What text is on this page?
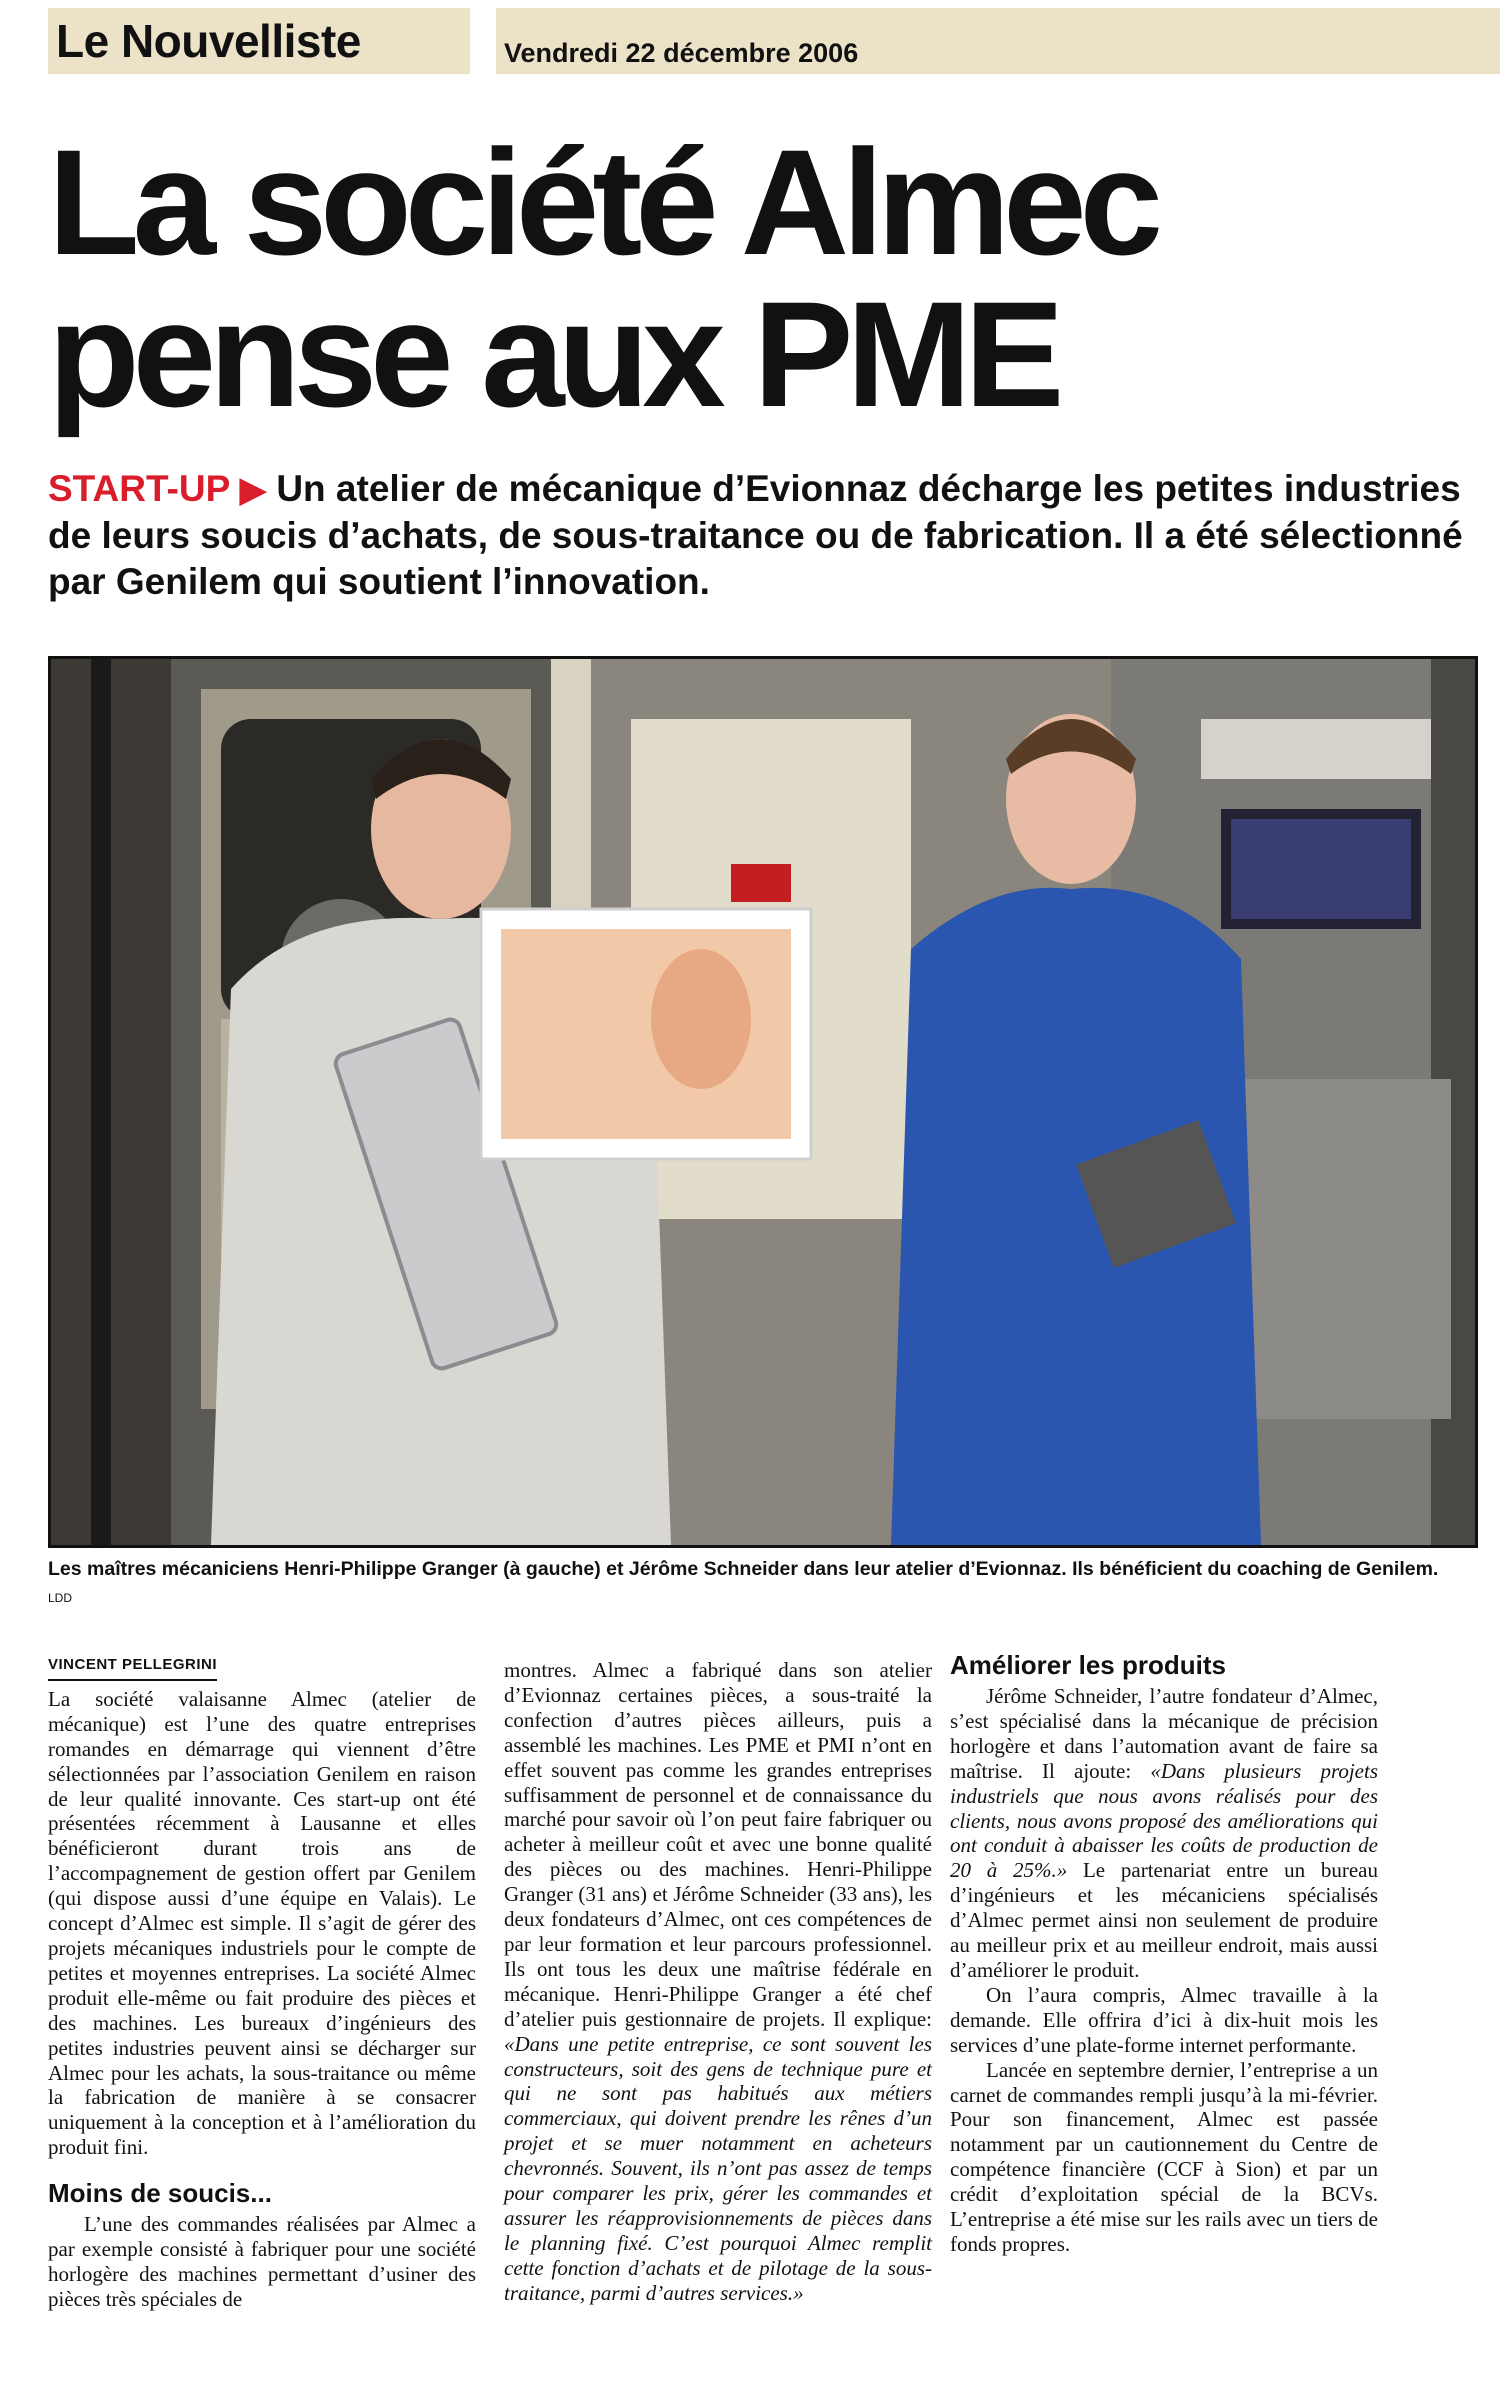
Le Nouvelliste	Vendredi 22 décembre 2006
La société Almec
pense aux PME
START-UP ▶ Un atelier de mécanique d’Evionnaz décharge les petites industries de leurs soucis d’achats, de sous-traitance ou de fabrication. Il a été sélectionné par Genilem qui soutient l’innovation.
Les maîtres mécaniciens Henri-Philippe Granger (à gauche) et Jérôme Schneider dans leur atelier d’Evionnaz. Ils bénéficient du coaching de Genilem. LDD
VINCENT PELLEGRINI

La société valaisanne Almec (atelier de mécanique) est l’une des quatre entreprises romandes en démarrage qui viennent d’être sélectionnées par l’association Genilem en raison de leur qualité innovante. Ces start-up ont été présentées récemment à Lausanne et elles bénéficieront durant trois ans de l’accompagnement de gestion offert par Genilem (qui dispose aussi d’une équipe en Valais). Le concept d’Almec est simple. Il s’agit de gérer des projets mécaniques industriels pour le compte de petites et moyennes entreprises. La société Almec produit elle-même ou fait produire des pièces et des machines. Les bureaux d’ingénieurs des petites industries peuvent ainsi se décharger sur Almec pour les achats, la sous-traitance ou même la fabrication de manière à se consacrer uniquement à la conception et à l’amélioration du produit fini.

Moins de soucis...

L’une des commandes réalisées par Almec a par exemple consisté à fabriquer pour une société horlogère des machines permettant d’usiner des pièces très spéciales de

montres. Almec a fabriqué dans son atelier d’Evionnaz certaines pièces, a sous-traité la confection d’autres pièces ailleurs, puis a assemblé les machines. Les PME et PMI n’ont en effet souvent pas comme les grandes entreprises suffisamment de personnel et de connaissance du marché pour savoir où l’on peut faire fabriquer ou acheter à meilleur coût et avec une bonne qualité des pièces ou des machines. Henri-Philippe Granger (31 ans) et Jérôme Schneider (33 ans), les deux fondateurs d’Almec, ont ces compétences de par leur formation et leur parcours professionnel. Ils ont tous les deux une maîtrise fédérale en mécanique. Henri-Philippe Granger a été chef d’atelier puis gestionnaire de projets. Il explique: «Dans une petite entreprise, ce sont souvent les constructeurs, soit des gens de technique pure et qui ne sont pas habitués aux métiers commerciaux, qui doivent prendre les rênes d’un projet et se muer notamment en acheteurs chevronnés. Souvent, ils n’ont pas assez de temps pour comparer les prix, gérer les commandes et assurer les réapprovisionnements de pièces dans le planning fixé. C’est pourquoi Almec remplit cette fonction d’achats et de pilotage de la sous-traitance, parmi d’autres services.»

Améliorer les produits

Jérôme Schneider, l’autre fondateur d’Almec, s’est spécialisé dans la mécanique de précision horlogère et dans l’automation avant de faire sa maîtrise. Il ajoute: «Dans plusieurs projets industriels que nous avons réalisés pour des clients, nous avons proposé des améliorations qui ont conduit à abaisser les coûts de production de 20 à 25%.» Le partenariat entre un bureau d’ingénieurs et les mécaniciens spécialisés d’Almec permet ainsi non seulement de produire au meilleur prix et au meilleur endroit, mais aussi d’améliorer le produit.

On l’aura compris, Almec travaille à la demande. Elle offrira d’ici à dix-huit mois les services d’une plate-forme internet performante.

Lancée en septembre dernier, l’entreprise a un carnet de commandes rempli jusqu’à la mi-février. Pour son financement, Almec est passée notamment par un cautionnement du Centre de compétence financière (CCF à Sion) et par un crédit d’exploitation spécial de la BCVs. L’entreprise a été mise sur les rails avec un tiers de fonds propres.
